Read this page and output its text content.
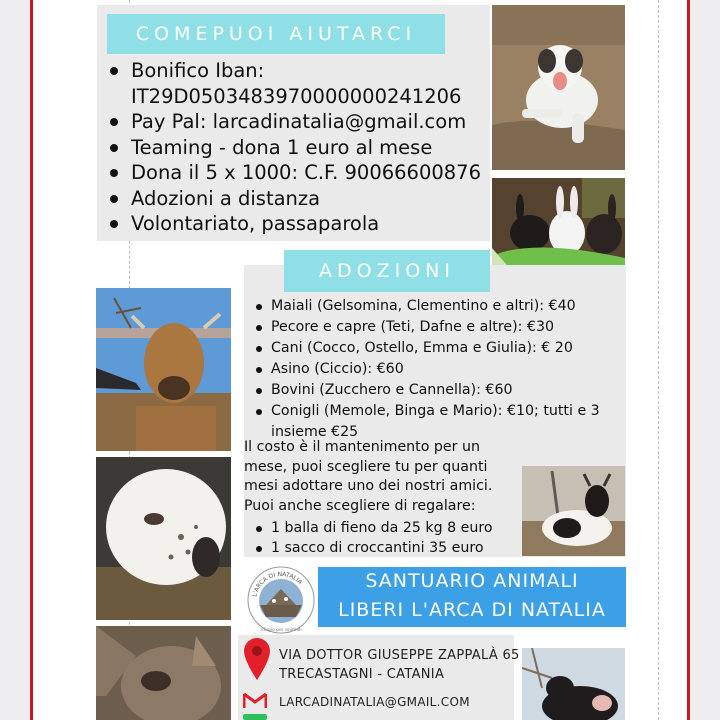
COMEPUOI AIUTARCI
Bonifico Iban:
IT29D0503483970000000241206
Pay Pal: larcadinatalia@gmail.com
Teaming - dona 1 euro al mese
Dona il 5 x 1000: C.F. 90066600876
Adozioni a distanza
Volontariato, passaparola
ADOZIONI
Maiali (Gelsomina, Clementino e altri): €40
Pecore e capre (Teti, Dafne e altre): €30
Cani (Cocco, Ostello, Emma e Giulia): € 20
Asino (Ciccio): €60
Bovini (Zucchero e Cannella): €60
Conigli (Memole, Binga e Mario): €10; tutti e 3 insieme €25
Il costo è il mantenimento per un mese, puoi scegliere tu per quanti mesi adottare uno dei nostri amici.
Puoi anche scegliere di regalare:
1 balla di fieno da 25 kg 8 euro
1 sacco di croccantini 35 euro
SANTUARIO ANIMALI
LIBERI L'ARCA DI NATALIA
L'ARCA DI NATALIA
rifugio per animali
VIA DOTTOR GIUSEPPE ZAPPALÀ 65
TRECASTAGNI - CATANIA
LARCADINATALIA@GMAIL.COM
